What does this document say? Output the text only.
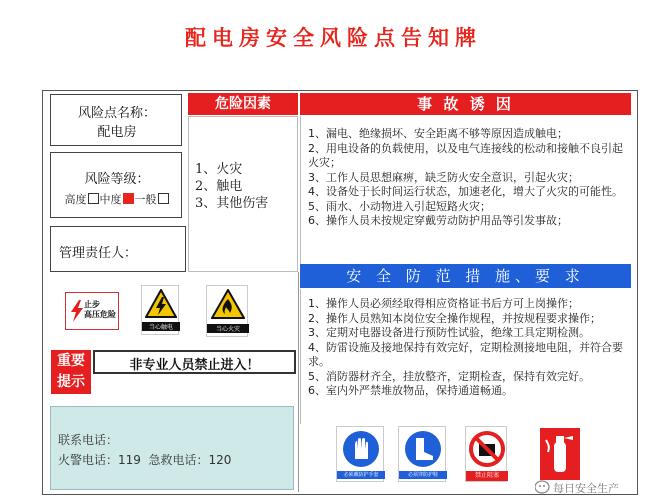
配电房安全风险点告知牌
风险点名称：
配电房
风险等级：
高度 中度 一般
管理责任人：
危险因素
1、火灾
2、触电
3、其他伤害
事 故 诱 因
1、漏电、绝缘损坏、安全距离不够等原因造成触电；
2、用电设备的负载使用，以及电气连接线的松动和接触不良引起火灾；
3、工作人员思想麻痹，缺乏防火安全意识，引起火灾；
4、设备处于长时间运行状态，加速老化，增大了火灾的可能性。
5、雨水、小动物进入引起短路火灾；
6、操作人员未按规定穿戴劳动防护用品等引发事故；
安 全 防 范 措 施、要 求
1、操作人员必须经取得相应资格证书后方可上岗操作；
2、操作人员熟知本岗位安全操作规程，并按规程要求操作；
3、定期对电器设备进行预防性试验，绝缘工具定期检测。
4、防雷设施及接地保持有效完好，定期检测接地电阻，并符合要求。
5、消防器材齐全，挂放整齐，定期检查，保持有效完好。
6、室内外严禁堆放物品，保持通道畅通。
止步
高压危险
当心触电	当心火灾
重要
提示
非专业人员禁止进入！
联系电话：
火警电话：119  急救电话：120
必须戴防护手套	必须穿防护鞋	禁止阻塞
每日安全生产
